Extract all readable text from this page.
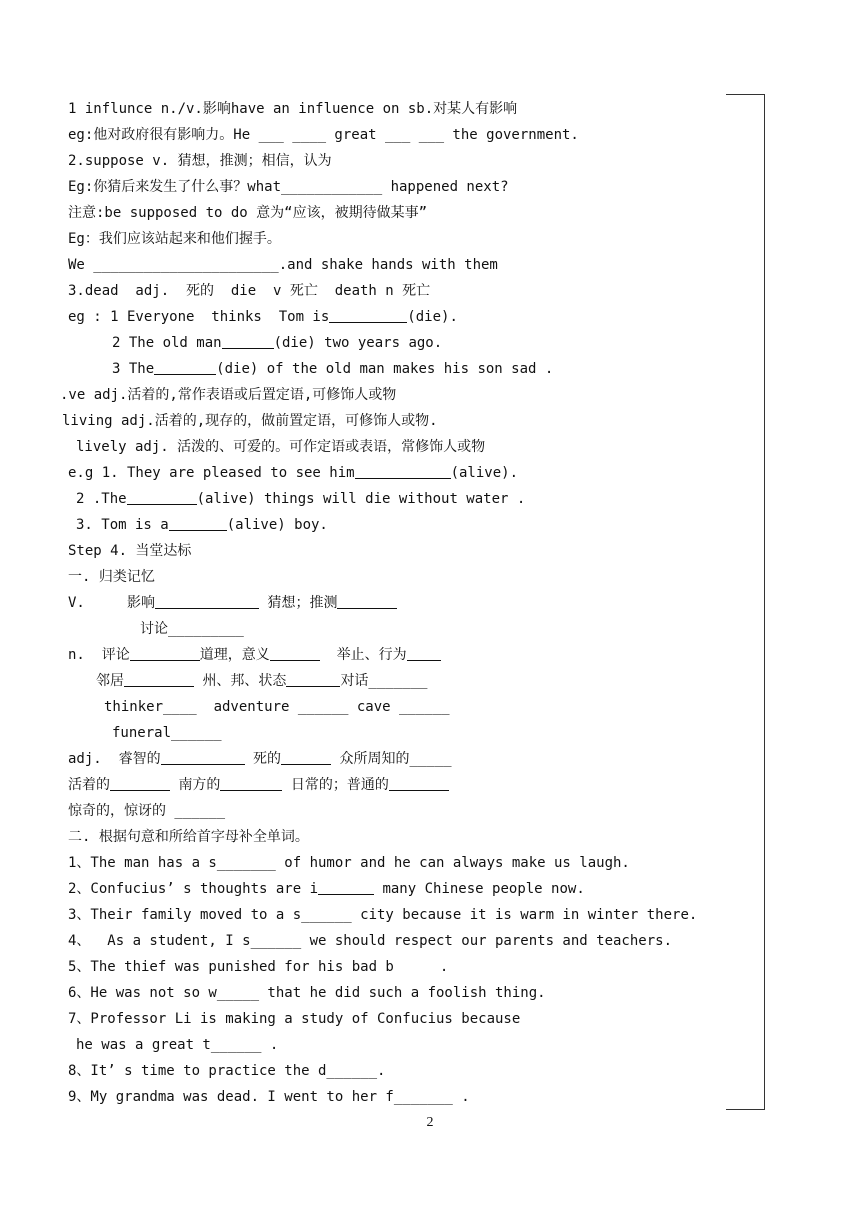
1 influnce n./v.影响have an influence on sb.对某人有影响
eg:他对政府很有影响力。He ___ ____ great ___ ___ the government.
2.suppose v. 猜想，推测；相信，认为
Eg:你猜后来发生了什么事？what____________ happened next?
注意:be supposed to do 意为“应该，被期待做某事”
Eg：我们应该站起来和他们握手。
We ______________________.and shake hands with them
3.dead  adj.  死的  die  v 死亡  death n 死亡
eg : 1 Everyone  thinks  Tom is	(die).
2 The old man	(die) two years ago.
3 The	(die) of the old man makes his son sad .
.ve adj.活着的,常作表语或后置定语,可修饰人或物
living adj.活着的,现存的，做前置定语，可修饰人或物.
lively adj. 活泼的、可爱的。可作定语或表语，常修饰人或物
e.g 1. They are pleased to see him	(alive).
2 .The	(alive) things will die without water .
3. Tom is a	(alive) boy.
Step 4. 当堂达标
一. 归类记忆
V.     影响	猜想；推测
讨论_________
n.  评论	道理，意义	举止、行为
邻居	州、邦、状态	对话_______
thinker____  adventure ______ cave ______
funeral______
adj.  睿智的	死的	众所周知的_____
活着的	南方的	日常的；普通的
惊奇的，惊讶的 ______
二. 根据句意和所给首字母补全单词。
1、The man has a s_______ of humor and he can always make us laugh.
2、Confucius’ s thoughts are i	many Chinese people now.
3、Their family moved to a s______ city because it is warm in winter there.
4、  As a student, I s______ we should respect our parents and teachers.
5、The thief was punished for his bad b	.
6、He was not so w_____ that he did such a foolish thing.
7、Professor Li is making a study of Confucius because
he was a great t______ .
8、It’ s time to practice the d______.
9、My grandma was dead. I went to her f_______ .
2
